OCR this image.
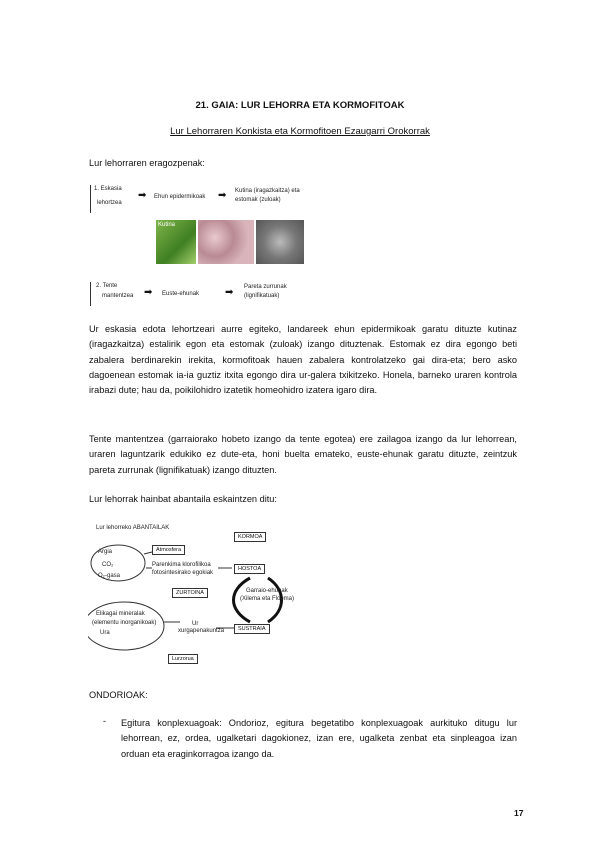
21. GAIA: LUR LEHORRA ETA KORMOFITOAK
Lur Lehorraren Konkista eta Kormofitoen Ezaugarri Orokorrak
Lur lehorraren eragozpenak:
1. Eskasia
lehortzea
➡ Ehun epidermikoak ➡ Kutina (iragazkaitza) eta
estomak (zuloak)
Kutina
2. Tente
mantentzea ➡ Euste-ehunak	➡ Pareta zurrunak
(lignifikatuak)
Ur eskasia edota lehortzeari aurre egiteko, landareek ehun epidermikoak garatu dituzte kutinaz (iragazkaitza) estalirik egon eta estomak (zuloak) izango dituztenak. Estomak ez dira egongo beti zabalera berdinarekin irekita, kormofitoak hauen zabalera kontrolatzeko gai dira-eta; bero asko dagoenean estomak ia-ia guztiz itxita egongo dira ur-galera txikitzeko. Honela, barneko uraren kontrola irabazi dute; hau da, poikilohidro izatetik homeohidro izatera igaro dira.
Tente mantentzea (garraiorako hobeto izango da tente egotea) ere zailagoa izango da lur lehorrean, uraren laguntzarik edukiko ez dute-eta, honi buelta emateko, euste-ehunak garatu dituzte, zeintzuk pareta zurrunak (lignifikatuak) izango dituzten.
Lur lehorrak hainbat abantaila eskaintzen ditu:
Lur lehorreko ABANTAILAK
Argia
CO₂
O₂-gasa
Atmosfera
Parenkima klorofilikoa
fotosintesirako egokiak
KORMOA
HOSTOA
ZURTOINA	Garraio-ehunak
(Xilema eta Floema)
SUSTRAIA
Elikagai mineralak
(elementu inorganikoak)
Ura
Ur
xurgapenakuntza
Lurzorua
ONDORIOAK:
- Egitura konplexuagoak: Ondorioz, egitura begetatibo konplexuagoak aurkituko ditugu lur lehorrean, ez, ordea, ugalketari dagokionez, izan ere, ugalketa zenbat eta sinpleagoa izan orduan eta eraginkorragoa izango da.
17
